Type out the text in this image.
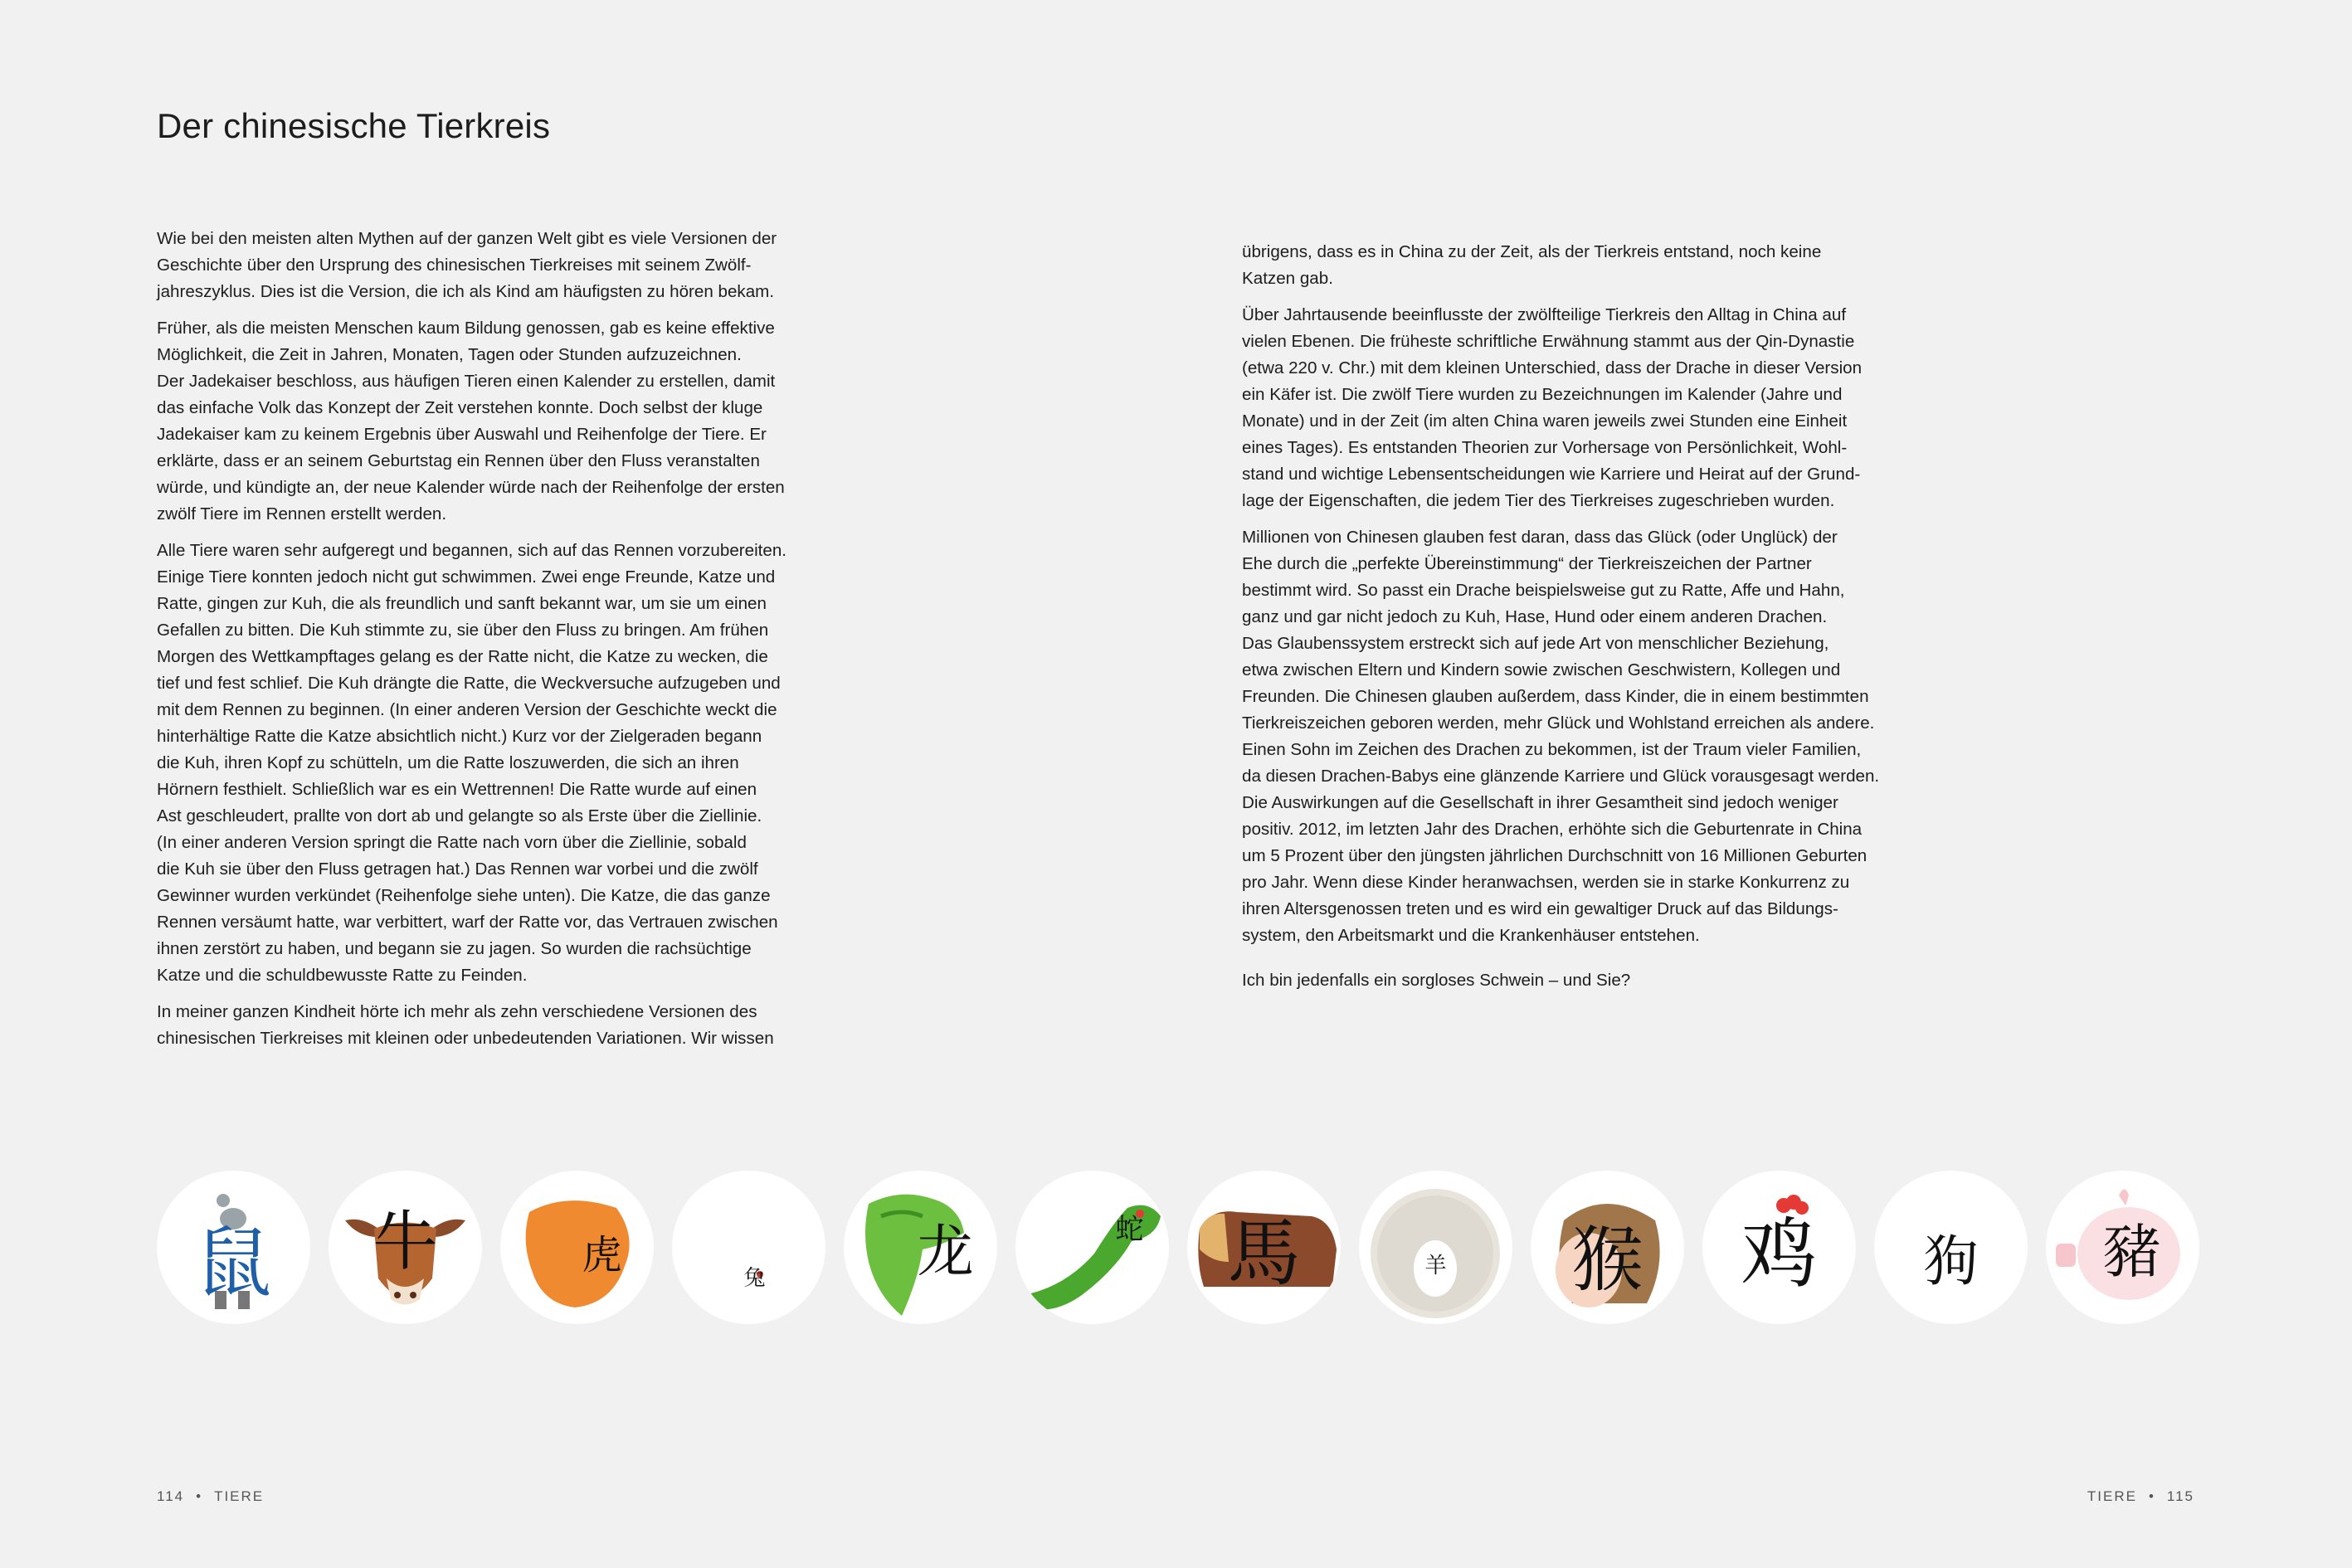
Der chinesische Tierkreis

Wie bei den meisten alten Mythen auf der ganzen Welt gibt es viele Versionen der
Geschichte über den Ursprung des chinesischen Tierkreises mit seinem Zwölf-
jahreszyklus. Dies ist die Version, die ich als Kind am häufigsten zu hören bekam.

Früher, als die meisten Menschen kaum Bildung genossen, gab es keine effektive
Möglichkeit, die Zeit in Jahren, Monaten, Tagen oder Stunden aufzuzeichnen.
Der Jadekaiser beschloss, aus häufigen Tieren einen Kalender zu erstellen, damit
das einfache Volk das Konzept der Zeit verstehen konnte. Doch selbst der kluge
Jadekaiser kam zu keinem Ergebnis über Auswahl und Reihenfolge der Tiere. Er
erklärte, dass er an seinem Geburtstag ein Rennen über den Fluss veranstalten
würde, und kündigte an, der neue Kalender würde nach der Reihenfolge der ersten
zwölf Tiere im Rennen erstellt werden.

Alle Tiere waren sehr aufgeregt und begannen, sich auf das Rennen vorzubereiten.
Einige Tiere konnten jedoch nicht gut schwimmen. Zwei enge Freunde, Katze und
Ratte, gingen zur Kuh, die als freundlich und sanft bekannt war, um sie um einen
Gefallen zu bitten. Die Kuh stimmte zu, sie über den Fluss zu bringen. Am frühen
Morgen des Wettkampftages gelang es der Ratte nicht, die Katze zu wecken, die
tief und fest schlief. Die Kuh drängte die Ratte, die Weckversuche aufzugeben und
mit dem Rennen zu beginnen. (In einer anderen Version der Geschichte weckt die
hinterhältige Ratte die Katze absichtlich nicht.) Kurz vor der Zielgeraden begann
die Kuh, ihren Kopf zu schütteln, um die Ratte loszuwerden, die sich an ihren
Hörnern festhielt. Schließlich war es ein Wettrennen! Die Ratte wurde auf einen
Ast geschleudert, prallte von dort ab und gelangte so als Erste über die Ziellinie.
(In einer anderen Version springt die Ratte nach vorn über die Ziellinie, sobald
die Kuh sie über den Fluss getragen hat.) Das Rennen war vorbei und die zwölf
Gewinner wurden verkündet (Reihenfolge siehe unten). Die Katze, die das ganze
Rennen versäumt hatte, war verbittert, warf der Ratte vor, das Vertrauen zwischen
ihnen zerstört zu haben, und begann sie zu jagen. So wurden die rachsüchtige
Katze und die schuldbewusste Ratte zu Feinden.

In meiner ganzen Kindheit hörte ich mehr als zehn verschiedene Versionen des
chinesischen Tierkreises mit kleinen oder unbedeutenden Variationen. Wir wissen

übrigens, dass es in China zu der Zeit, als der Tierkreis entstand, noch keine
Katzen gab.

Über Jahrtausende beeinflusste der zwölfteilige Tierkreis den Alltag in China auf
vielen Ebenen. Die früheste schriftliche Erwähnung stammt aus der Qin-Dynastie
(etwa 220 v. Chr.) mit dem kleinen Unterschied, dass der Drache in dieser Version
ein Käfer ist. Die zwölf Tiere wurden zu Bezeichnungen im Kalender (Jahre und
Monate) und in der Zeit (im alten China waren jeweils zwei Stunden eine Einheit
eines Tages). Es entstanden Theorien zur Vorhersage von Persönlichkeit, Wohl-
stand und wichtige Lebensentscheidungen wie Karriere und Heirat auf der Grund-
lage der Eigenschaften, die jedem Tier des Tierkreises zugeschrieben wurden.

Millionen von Chinesen glauben fest daran, dass das Glück (oder Unglück) der
Ehe durch die „perfekte Übereinstimmung“ der Tierkreiszeichen der Partner
bestimmt wird. So passt ein Drache beispielsweise gut zu Ratte, Affe und Hahn,
ganz und gar nicht jedoch zu Kuh, Hase, Hund oder einem anderen Drachen.
Das Glaubenssystem erstreckt sich auf jede Art von menschlicher Beziehung,
etwa zwischen Eltern und Kindern sowie zwischen Geschwistern, Kollegen und
Freunden. Die Chinesen glauben außerdem, dass Kinder, die in einem bestimmten
Tierkreiszeichen geboren werden, mehr Glück und Wohlstand erreichen als andere.
Einen Sohn im Zeichen des Drachen zu bekommen, ist der Traum vieler Familien,
da diesen Drachen-Babys eine glänzende Karriere und Glück vorausgesagt werden.
Die Auswirkungen auf die Gesellschaft in ihrer Gesamtheit sind jedoch weniger
positiv. 2012, im letzten Jahr des Drachen, erhöhte sich die Geburtenrate in China
um 5 Prozent über den jüngsten jährlichen Durchschnitt von 16 Millionen Geburten
pro Jahr. Wenn diese Kinder heranwachsen, werden sie in starke Konkurrenz zu
ihren Altersgenossen treten und es wird ein gewaltiger Druck auf das Bildungs-
system, den Arbeitsmarkt und die Krankenhäuser entstehen.

Ich bin jedenfalls ein sorgloses Schwein – und Sie?

鼠	牛	虎	兔	龙	蛇	馬	羊	猴	鸡	狗	豬
114 • TIERE	TIERE • 115
